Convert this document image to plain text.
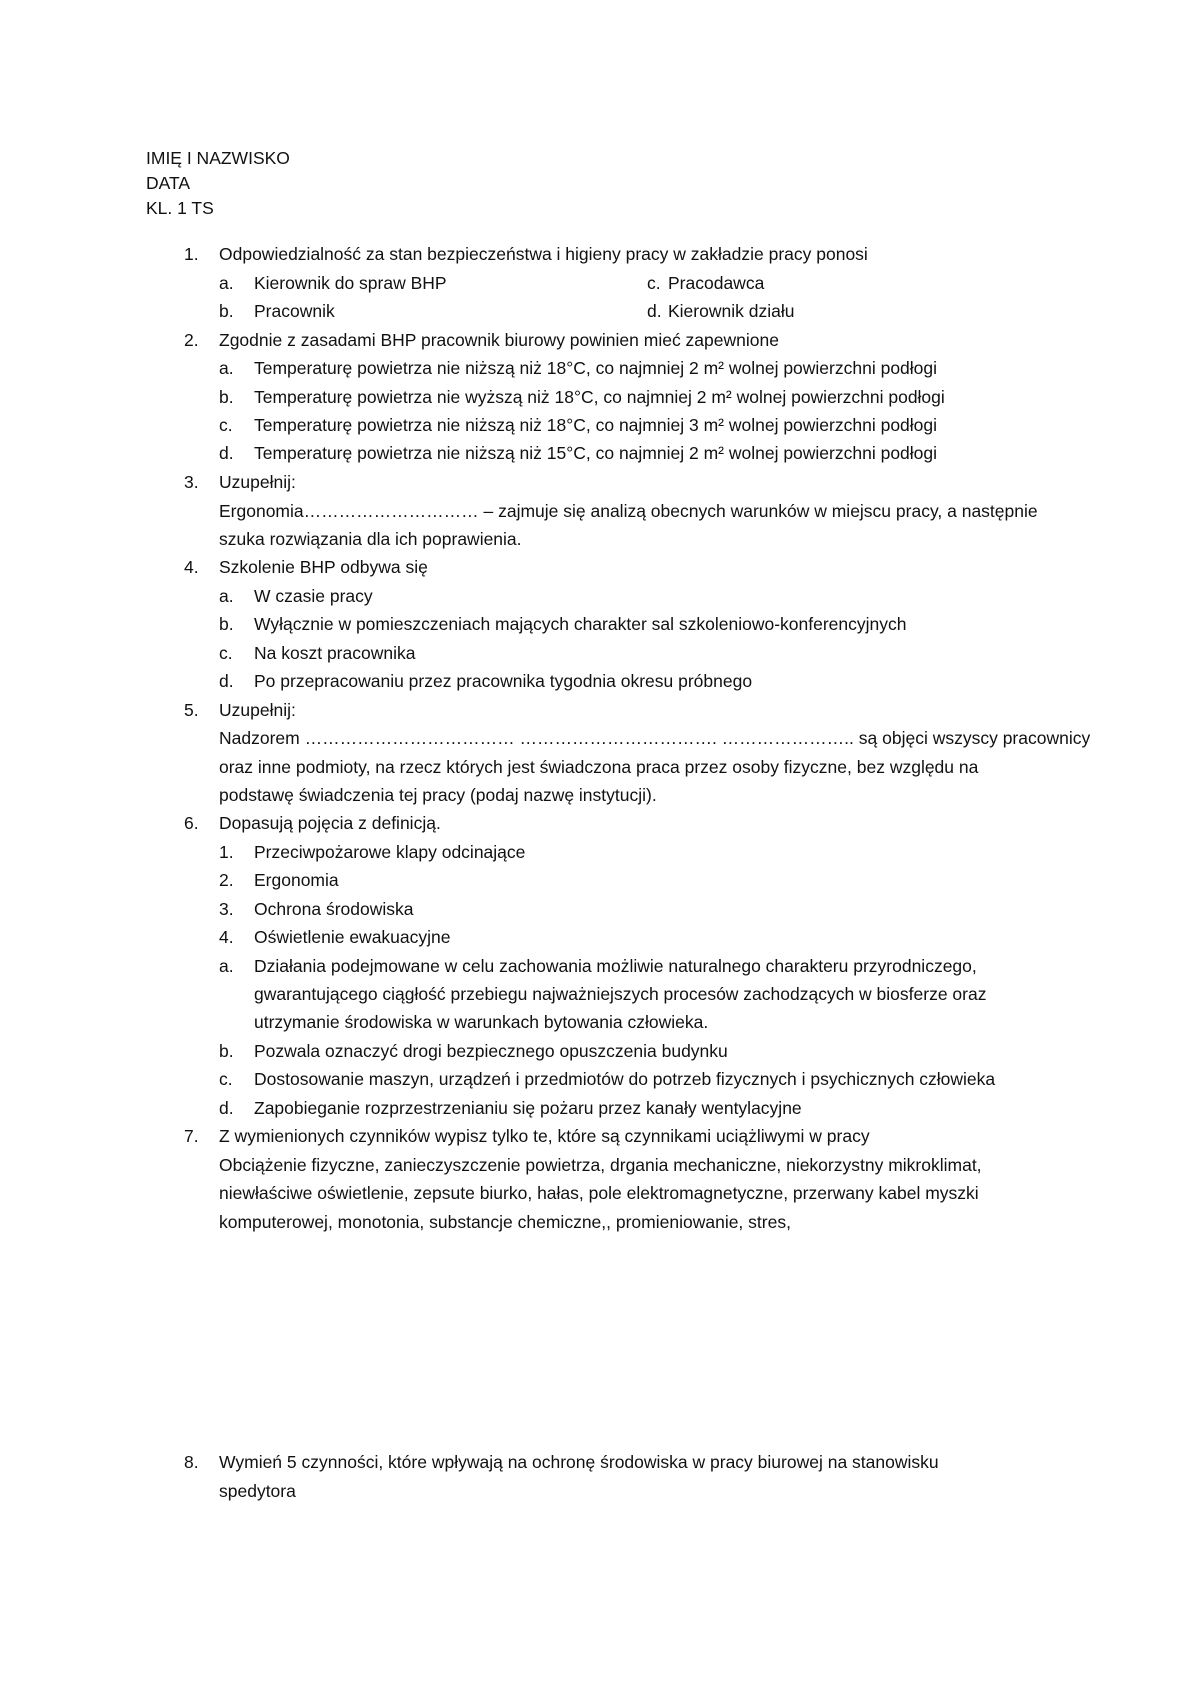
IMIĘ I NAZWISKO
DATA
KL. 1 TS
1. Odpowiedzialność za stan bezpieczeństwa i higieny pracy w zakładzie pracy ponosi
a. Kierownik do spraw BHP	c. Pracodawca
b. Pracownik	d. Kierownik działu
2. Zgodnie z zasadami BHP pracownik biurowy powinien mieć zapewnione
a. Temperaturę powietrza nie niższą niż 18°C, co najmniej 2 m² wolnej powierzchni podłogi
b. Temperaturę powietrza nie wyższą niż 18°C, co najmniej 2 m² wolnej powierzchni podłogi
c. Temperaturę powietrza nie niższą niż 18°C, co najmniej 3 m² wolnej powierzchni podłogi
d. Temperaturę powietrza nie niższą niż 15°C, co najmniej 2 m² wolnej powierzchni podłogi
3. Uzupełnij:
Ergonomia………………………… – zajmuje się analizą obecnych warunków w miejscu pracy, a następnie
szuka rozwiązania dla ich poprawienia.
4. Szkolenie BHP odbywa się
a. W czasie pracy
b. Wyłącznie w pomieszczeniach mających charakter sal szkoleniowo-konferencyjnych
c. Na koszt pracownika
d. Po przepracowaniu przez pracownika tygodnia okresu próbnego
5. Uzupełnij:
Nadzorem ……………………………… ……………………………. ………………….. są objęci wszyscy pracownicy
oraz inne podmioty, na rzecz których jest świadczona praca przez osoby fizyczne, bez względu na
podstawę świadczenia tej pracy (podaj nazwę instytucji).
6. Dopasują pojęcia z definicją.
1. Przeciwpożarowe klapy odcinające
2. Ergonomia
3. Ochrona środowiska
4. Oświetlenie ewakuacyjne
a. Działania podejmowane w celu zachowania możliwie naturalnego charakteru przyrodniczego,
gwarantującego ciągłość przebiegu najważniejszych procesów zachodzących w biosferze oraz
utrzymanie środowiska w warunkach bytowania człowieka.
b. Pozwala oznaczyć drogi bezpiecznego opuszczenia budynku
c. Dostosowanie maszyn, urządzeń i przedmiotów do potrzeb fizycznych i psychicznych człowieka
d. Zapobieganie rozprzestrzenianiu się pożaru przez kanały wentylacyjne
7. Z wymienionych czynników wypisz tylko te, które są czynnikami uciążliwymi w pracy
Obciążenie fizyczne, zanieczyszczenie powietrza, drgania mechaniczne, niekorzystny mikroklimat,
niewłaściwe oświetlenie, zepsute biurko, hałas, pole elektromagnetyczne, przerwany kabel myszki
komputerowej, monotonia, substancje chemiczne,, promieniowanie, stres,
8. Wymień 5 czynności, które wpływają na ochronę środowiska w pracy biurowej na stanowisku
spedytora
